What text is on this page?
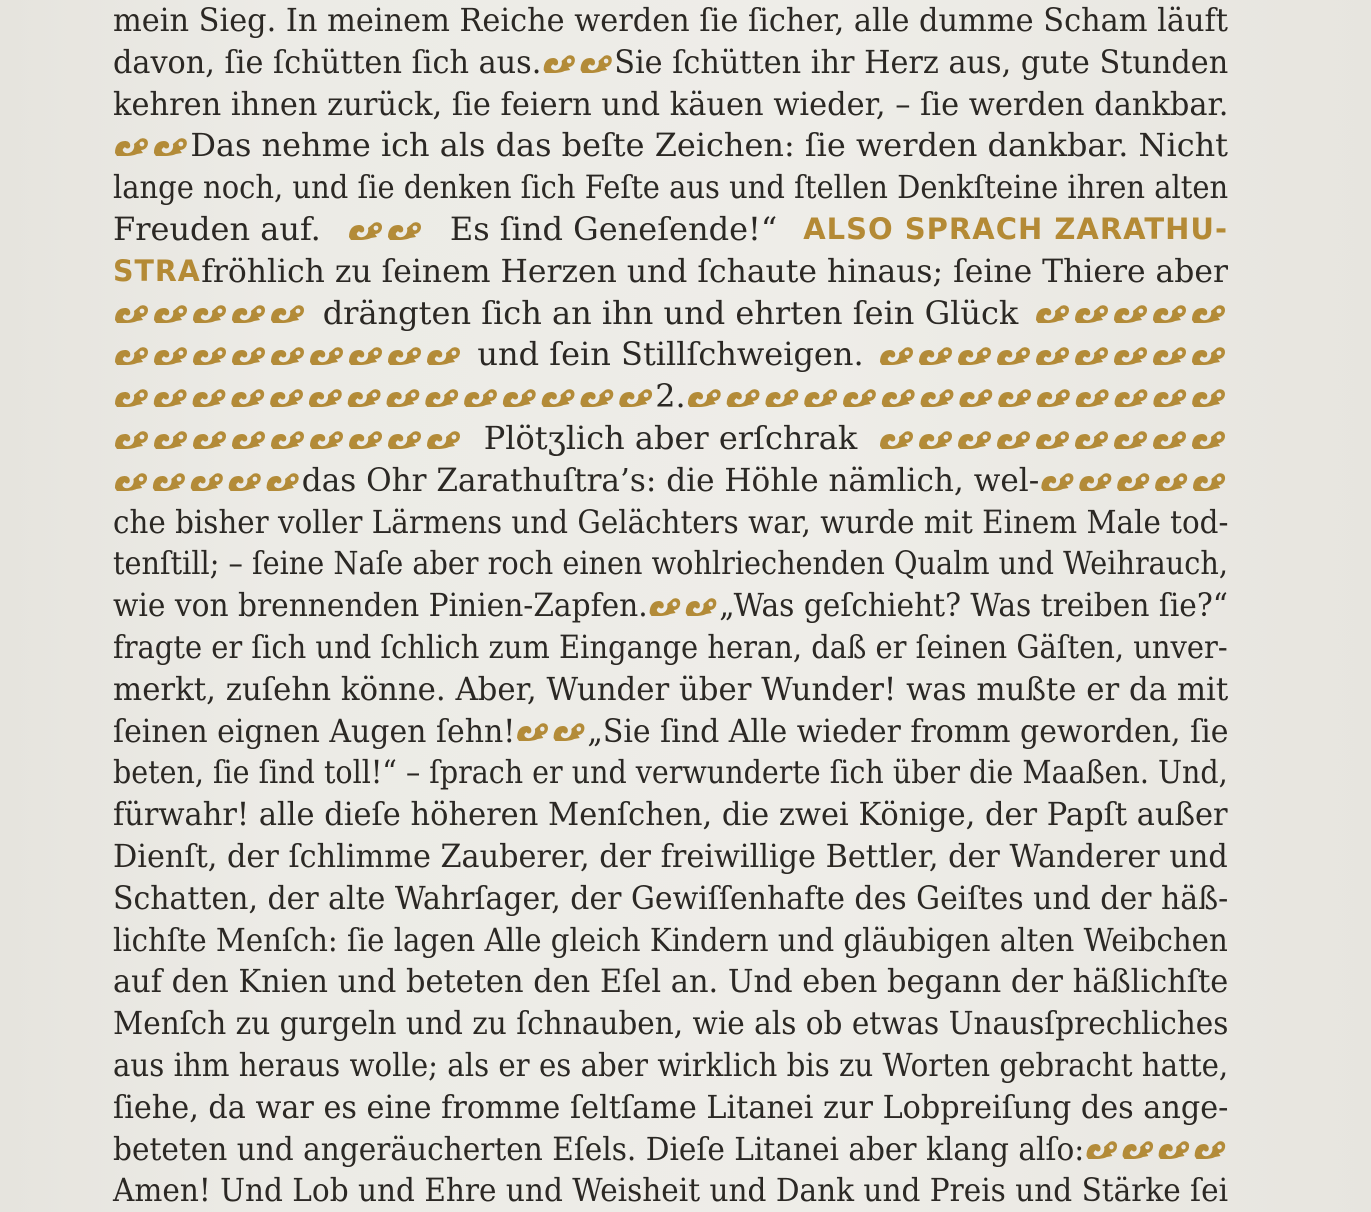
mein Sieg. In meinem Reiche werden ſie ſicher, alle dumme Scham läuft
davon, ſie ſchütten ſich aus. Sie ſchütten ihr Herz aus, gute Stunden
kehren ihnen zurück, ſie feiern und käuen wieder, – ſie werden dankbar.
Das nehme ich als das beſte Zeichen: ſie werden dankbar. Nicht
lange noch, und ſie denken ſich Feſte aus und ſtellen Denkſteine ihren alten
Freuden auf.	Es ſind Geneſende!“ ALSO SPRACH ZARATHU-
STRA fröhlich zu ſeinem Herzen und ſchaute hinaus; ſeine Thiere aber
drängten ſich an ihn und ehrten ſein Glück
und ſein Stillſchweigen.
2.
Plötʒlich aber erſchrak
das Ohr Zarathuſtra’s: die Höhle nämlich, wel-
che bisher voller Lärmens und Gelächters war, wurde mit Einem Male tod-
tenſtill; – ſeine Naſe aber roch einen wohlriechenden Qualm und Weihrauch,
wie von brennenden Pinien-Zapfen. „Was geſchieht? Was treiben ſie?“
fragte er ſich und ſchlich zum Eingange heran, daß er ſeinen Gäſten, unver-
merkt, zuſehn könne. Aber, Wunder über Wunder! was mußte er da mit
ſeinen eignen Augen ſehn! „Sie ſind Alle wieder fromm geworden, ſie
beten, ſie ſind toll!“ – ſprach er und verwunderte ſich über die Maaßen. Und,
fürwahr! alle dieſe höheren Menſchen, die zwei Könige, der Papſt außer
Dienſt, der ſchlimme Zauberer, der freiwillige Bettler, der Wanderer und
Schatten, der alte Wahrſager, der Gewiſſenhafte des Geiſtes und der häß-
lichſte Menſch: ſie lagen Alle gleich Kindern und gläubigen alten Weibchen
auf den Knien und beteten den Eſel an. Und eben begann der häßlichſte
Menſch zu gurgeln und zu ſchnauben, wie als ob etwas Unausſprechliches
aus ihm heraus wolle; als er es aber wirklich bis zu Worten gebracht hatte,
ſiehe, da war es eine fromme ſeltſame Litanei zur Lobpreiſung des ange-
beteten und angeräucherten Eſels. Dieſe Litanei aber klang alſo:
Amen! Und Lob und Ehre und Weisheit und Dank und Preis und Stärke ſei
